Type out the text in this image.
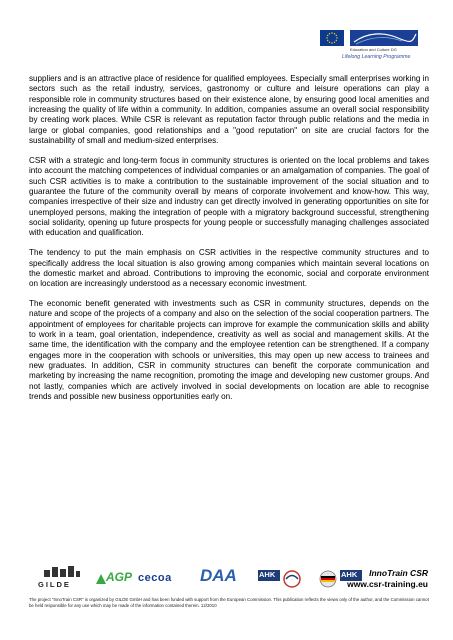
Education and Culture DG
Lifelong Learning Programme

suppliers and is an attractive place of residence for qualified employees. Especially small enterprises working in sectors such as the retail industry, services, gastronomy or culture and leisure operations can play a responsible role in community structures based on their existence alone, by ensuring good local amenities and increasing the quality of life within a community. In addition, companies assume an overall social responsibility by creating work places. While CSR is relevant as reputation factor through public relations and the media in large or global companies, good relationships and a "good reputation" on site are crucial factors for the sustainability of small and medium-sized enterprises.

CSR with a strategic and long-term focus in community structures is oriented on the local problems and takes into account the matching competences of individual companies or an amalgamation of companies. The goal of such CSR activities is to make a contribution to the sustainable improvement of the social situation and to guarantee the future of the community overall by means of corporate involvement and know-how. This way, companies irrespective of their size and industry can get directly involved in generating opportunities on site for unemployed persons, making the integration of people with a migratory background successful, strengthening social solidarity, opening up future prospects for young people or successfully managing challenges associated with education and qualification.

The tendency to put the main emphasis on CSR activities in the respective community structures and to specifically address the local situation is also growing among companies which maintain several locations on the domestic market and abroad. Contributions to improving the economic, social and corporate environment on location are increasingly understood as a necessary economic investment.

The economic benefit generated with investments such as CSR in community structures, depends on the nature and scope of the projects of a company and also on the selection of the social cooperation partners. The appointment of employees for charitable projects can improve for example the communication skills and ability to work in a team, goal orientation, independence, creativity as well as social and management skills. At the same time, the identification with the company and the employee retention can be strengthened. If a company engages more in the cooperation with schools or universities, this may open up new access to trainees and new graduates. In addition, CSR in community structures can benefit the corporate communication and marketing by increasing the name recognition, promoting the image and developing new customer groups. And not lastly, companies which are actively involved in social developments on location are able to recognise trends and possible new business opportunities early on.

GILDE
AGP cecoa DAA	AHK	AHK	InnoTrain CSR
www.csr-training.eu
The project "InnoTrain CSR" is organized by GILDE GmbH and has been funded with support from the European Commission. This publication reflects the views only of the author, and the Commission cannot be held responsible for any use which may be made of the information contained therein. 12/2010
